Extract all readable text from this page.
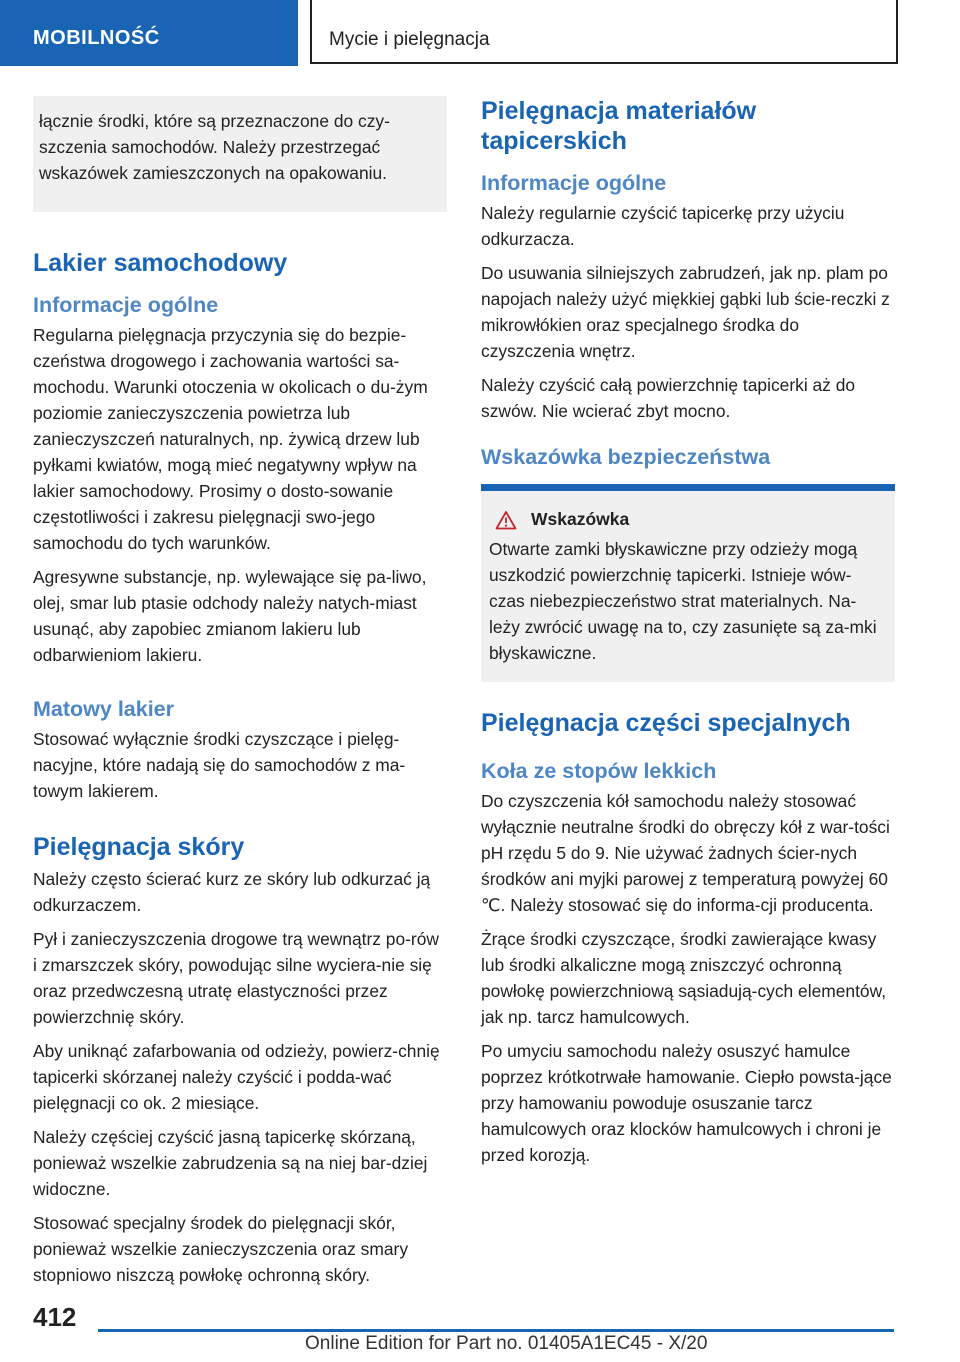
MOBILNOŚĆ	Mycie i pielęgnacja

łącznie środki, które są przeznaczone do czy-szczenia samochodów. Należy przestrzegać wskazówek zamieszczonych na opakowaniu.

Lakier samochodowy
Informacje ogólne

Regularna pielęgnacja przyczynia się do bezpie-czeństwa drogowego i zachowania wartości sa-mochodu. Warunki otoczenia w okolicach o du-żym poziomie zanieczyszczenia powietrza lub zanieczyszczeń naturalnych, np. żywicą drzew lub pyłkami kwiatów, mogą mieć negatywny wpływ na lakier samochodowy. Prosimy o dosto-sowanie częstotliwości i zakresu pielęgnacji swo-jego samochodu do tych warunków.

Agresywne substancje, np. wylewające się pa-liwo, olej, smar lub ptasie odchody należy natych-miast usunąć, aby zapobiec zmianom lakieru lub odbarwieniom lakieru.

Matowy lakier

Stosować wyłącznie środki czyszczące i pielęg-nacyjne, które nadają się do samochodów z ma-towym lakierem.

Pielęgnacja skóry

Należy często ścierać kurz ze skóry lub odkurzać ją odkurzaczem.

Pył i zanieczyszczenia drogowe trą wewnątrz po-rów i zmarszczek skóry, powodując silne wyciera-nie się oraz przedwczesną utratę elastyczności przez powierzchnię skóry.

Aby uniknąć zafarbowania od odzieży, powierz-chnię tapicerki skórzanej należy czyścić i podda-wać pielęgnacji co ok. 2 miesiące.

Należy częściej czyścić jasną tapicerkę skórzaną, ponieważ wszelkie zabrudzenia są na niej bar-dziej widoczne.

Stosować specjalny środek do pielęgnacji skór, ponieważ wszelkie zanieczyszczenia oraz smary stopniowo niszczą powłokę ochronną skóry.

Pielęgnacja materiałów tapicerskich
Informacje ogólne

Należy regularnie czyścić tapicerkę przy użyciu odkurzacza.

Do usuwania silniejszych zabrudzeń, jak np. plam po napojach należy użyć miękkiej gąbki lub ście-reczki z mikrowłókien oraz specjalnego środka do czyszczenia wnętrz.

Należy czyścić całą powierzchnię tapicerki aż do szwów. Nie wcierać zbyt mocno.

Wskazówka bezpieczeństwa
Wskazówka

Otwarte zamki błyskawiczne przy odzieży mogą uszkodzić powierzchnię tapicerki. Istnieje wów-czas niebezpieczeństwo strat materialnych. Na-leży zwrócić uwagę na to, czy zasunięte są za-mki błyskawiczne.

Pielęgnacja części specjalnych
Koła ze stopów lekkich

Do czyszczenia kół samochodu należy stosować wyłącznie neutralne środki do obręczy kół z war-tości pH rzędu 5 do 9. Nie używać żadnych ścier-nych środków ani myjki parowej z temperaturą powyżej 60 ℃. Należy stosować się do informa-cji producenta.

Żrące środki czyszczące, środki zawierające kwasy lub środki alkaliczne mogą zniszczyć ochronną powłokę powierzchniową sąsiadują-cych elementów, jak np. tarcz hamulcowych.

Po umyciu samochodu należy osuszyć hamulce poprzez krótkotrwałe hamowanie. Ciepło powsta-jące przy hamowaniu powoduje osuszanie tarcz hamulcowych oraz klocków hamulcowych i chroni je przed korozją.

412
Online Edition for Part no. 01405A1EC45 - X/20
